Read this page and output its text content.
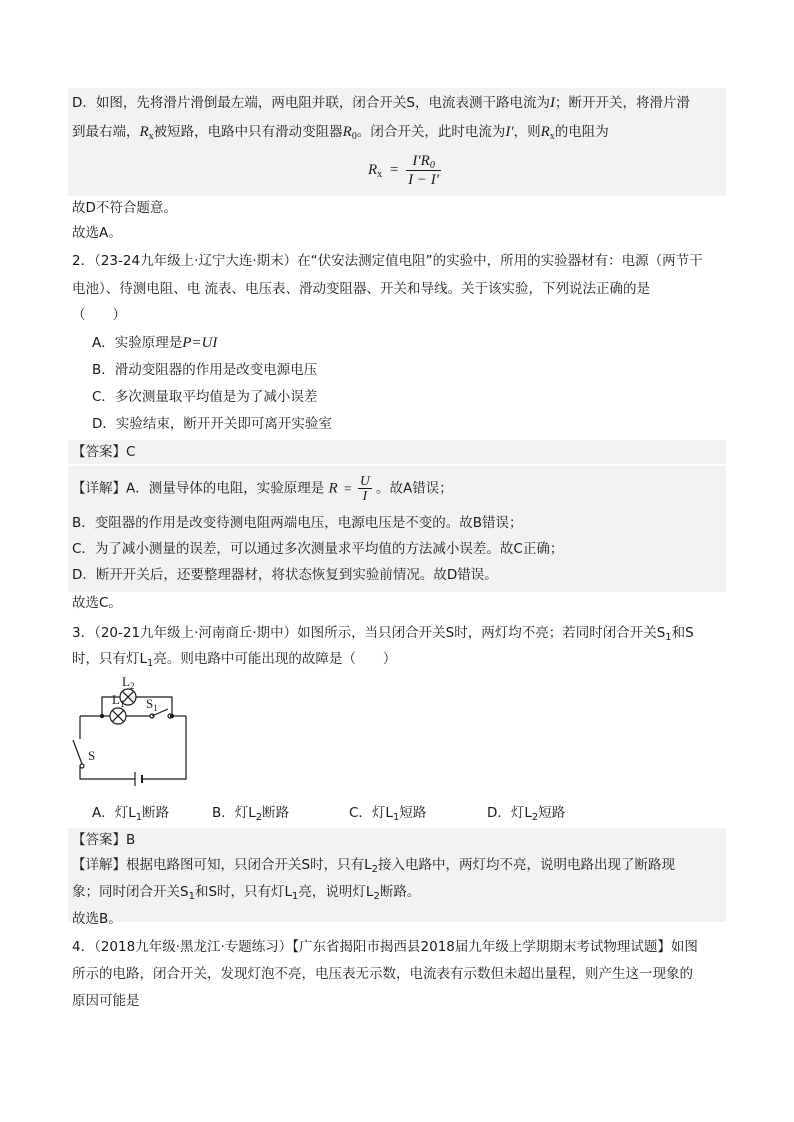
D．如图，先将滑片滑倒最左端，两电阻并联，闭合开关S，电流表测干路电流为I；断开开关，将滑片滑
到最右端，$R_x$被短路，电路中只有滑动变阻器$R_0$。闭合开关，此时电流为I′，则$R_x$的电阻为
$R_x = \frac{I'R_0}{I - I'}$
故D不符合题意。
故选A。
2．（23-24九年级上·辽宁大连·期末）在“伏安法测定值电阻”的实验中，所用的实验器材有：电源（两节干
电池）、待测电阻、电 流表、电压表、滑动变阻器、开关和导线。关于该实验，下列说法正确的是
（　　）
A．实验原理是P=UI
B．滑动变阻器的作用是改变电源电压
C．多次测量取平均值是为了减小误差
D．实验结束，断开开关即可离开实验室
【答案】C
【详解】A．测量导体的电阻，实验原理是 $R = \frac{U}{I}$ 。故A错误；
B．变阻器的作用是改变待测电阻两端电压，电源电压是不变的。故B错误；
C．为了减小测量的误差，可以通过多次测量求平均值的方法减小误差。故C正确；
D．断开开关后，还要整理器材，将状态恢复到实验前情况。故D错误。
故选C。
3．（20-21九年级上·河南商丘·期中）如图所示，当只闭合开关S时，两灯均不亮；若同时闭合开关$S_1$和S
时，只有灯$L_1$亮。则电路中可能出现的故障是（　　）
$L_2$
$L_1$ $S_1$
S
A．灯$L_1$断路	B．灯$L_2$断路	C．灯$L_1$短路	D．灯$L_2$短路
【答案】B
【详解】根据电路图可知，只闭合开关S时，只有$L_2$接入电路中，两灯均不亮，说明电路出现了断路现
象；同时闭合开关$S_1$和S时，只有灯$L_1$亮，说明灯$L_2$断路。
故选B。
4．（2018九年级·黑龙江·专题练习）【广东省揭阳市揭西县2018届九年级上学期期末考试物理试题】如图
所示的电路，闭合开关，发现灯泡不亮，电压表无示数，电流表有示数但未超出量程，则产生这一现象的
原因可能是
